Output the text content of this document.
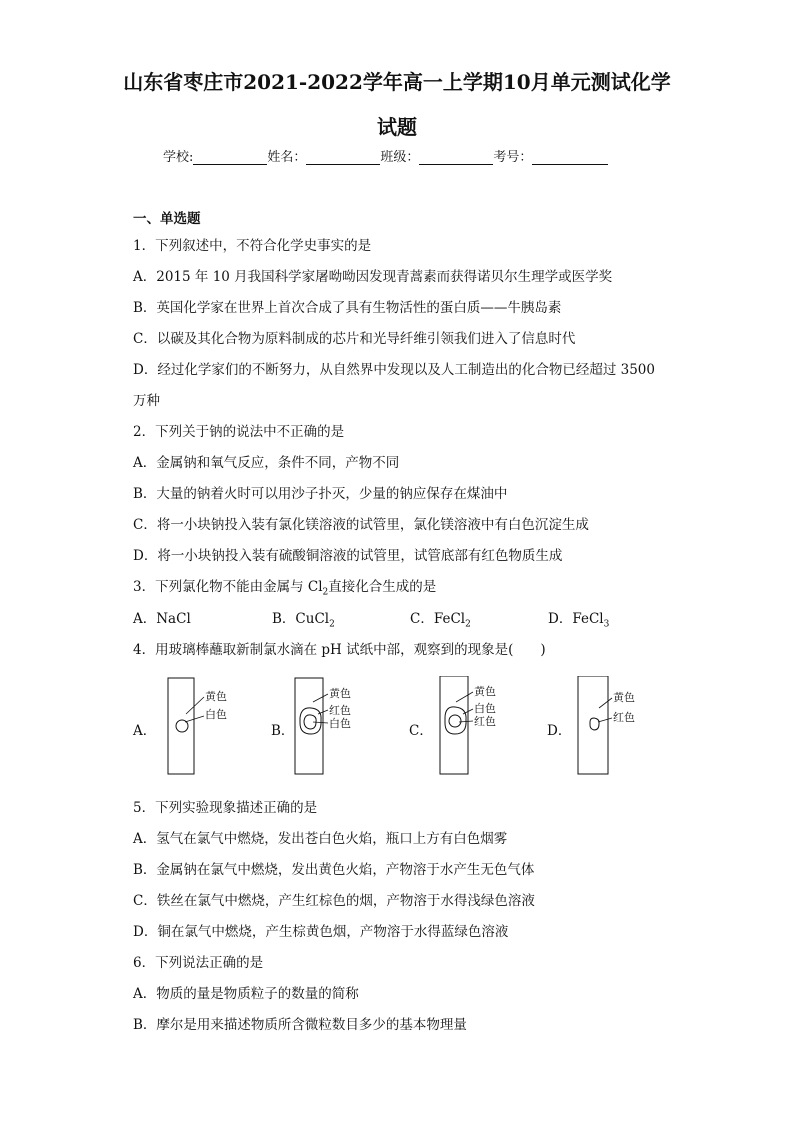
山东省枣庄市2021-2022学年高一上学期10月单元测试化学
试题
学校:	姓名：	班级：	考号：
一、单选题
1．下列叙述中，不符合化学史事实的是
A．2015 年 10 月我国科学家屠呦呦因发现青蒿素而获得诺贝尔生理学或医学奖
B．英国化学家在世界上首次合成了具有生物活性的蛋白质——牛胰岛素
C．以碳及其化合物为原料制成的芯片和光导纤维引领我们进入了信息时代
D．经过化学家们的不断努力，从自然界中发现以及人工制造出的化合物已经超过 3500
万种
2．下列关于钠的说法中不正确的是
A．金属钠和氧气反应，条件不同，产物不同
B．大量的钠着火时可以用沙子扑灭，少量的钠应保存在煤油中
C．将一小块钠投入装有氯化镁溶液的试管里，氯化镁溶液中有白色沉淀生成
D．将一小块钠投入装有硫酸铜溶液的试管里，试管底部有红色物质生成
3．下列氯化物不能由金属与 $Cl_2$直接化合生成的是
A．NaCl	B．CuCl$_2$	C．FeCl$_2$	D．FeCl$_3$
4．用玻璃棒蘸取新制氯水滴在 pH 试纸中部，观察到的现象是(　　)
A．	B．	C．	D．
黄色
白色
黄色
红色
白色
黄色
白色
红色
黄色
红色
5．下列实验现象描述正确的是
A．氢气在氯气中燃烧，发出苍白色火焰，瓶口上方有白色烟雾
B．金属钠在氯气中燃烧，发出黄色火焰，产物溶于水产生无色气体
C．铁丝在氯气中燃烧，产生红棕色的烟，产物溶于水得浅绿色溶液
D．铜在氯气中燃烧，产生棕黄色烟，产物溶于水得蓝绿色溶液
6．下列说法正确的是
A．物质的量是物质粒子的数量的简称
B．摩尔是用来描述物质所含微粒数目多少的基本物理量
